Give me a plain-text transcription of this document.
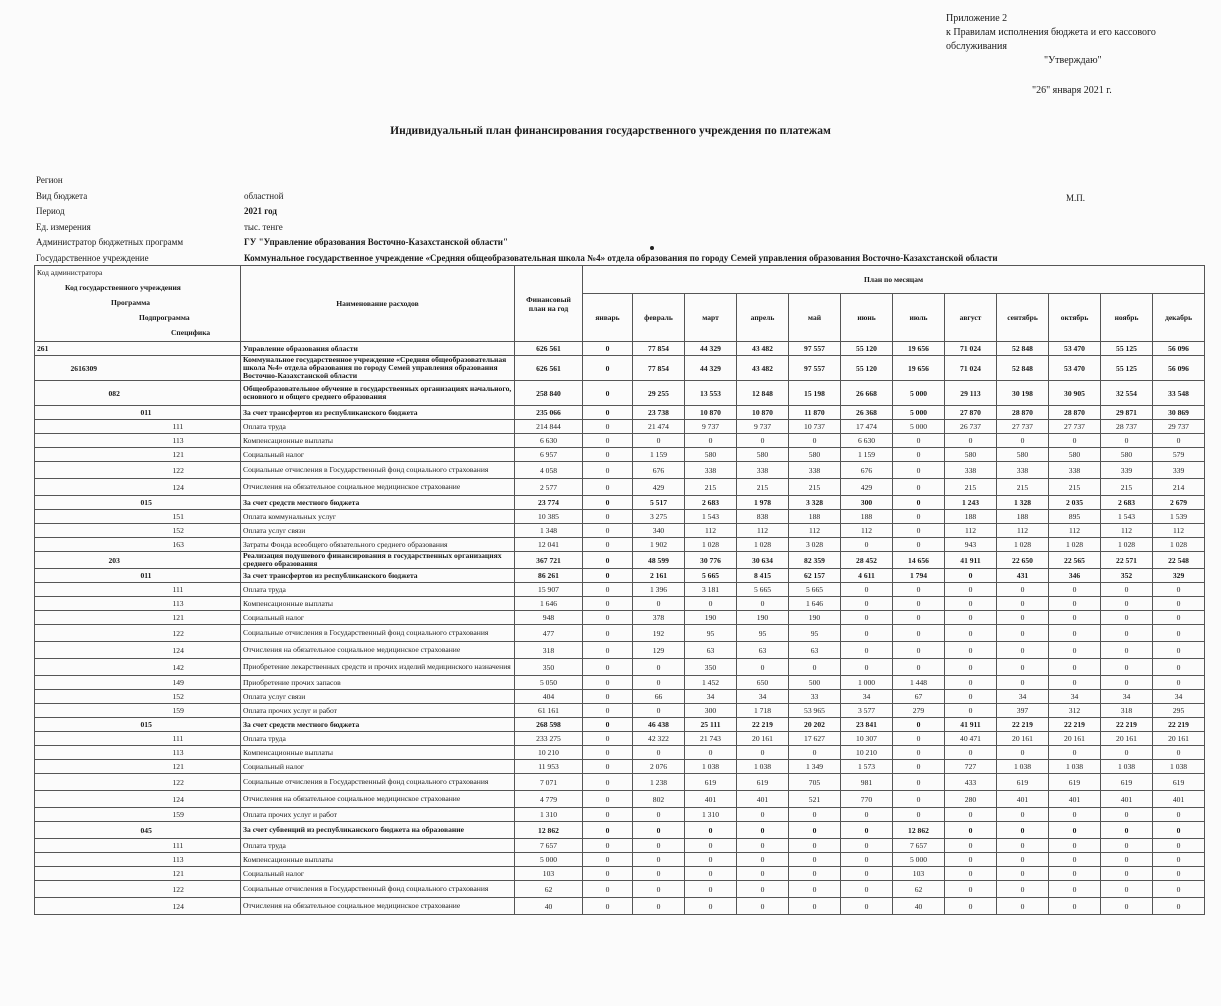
Приложение 2
к Правилам исполнения бюджета и его кассового
обслуживания
"Утверждаю"
"26" января 2021 г.
Индивидуальный план финансирования государственного учреждения по платежам
М.П.
Регион
Вид бюджета	областной
Период	2021 год
Ед. измерения	тыс. тенге
Администратор бюджетных программ	ГУ "Управление образования Восточно-Казахстанской области"
Государственное учреждение	Коммунальное государственное учреждение «Средняя общеобразовательная школа №4» отдела образования по городу Семей управления образования Восточно-Казахстанской области
Код администратора
Код государственного учреждения
Программа
Подпрограмма
Специфика					Наименование расходов	Финансовый план на год	План по месяцам											
							январь	февраль	март	апрель	май	июнь	июль	август	сентябрь	октябрь	ноябрь	декабрь
261					Управление образования области	626 561	0	77 854	44 329	43 482	97 557	55 120	19 656	71 024	52 848	53 470	55 125	56 096
	2616309				Коммунальное государственное учреждение «Средняя общеобразовательная школа №4» отдела образования по городу Семей управления образования Восточно-Казахстанской области	626 561	0	77 854	44 329	43 482	97 557	55 120	19 656	71 024	52 848	53 470	55 125	56 096
		082			Общеобразовательное обучение в государственных организациях начального, основного и общего среднего образования	258 840	0	29 255	13 553	12 848	15 198	26 668	5 000	29 113	30 198	30 905	32 554	33 548
			011		За счет трансфертов из республиканского бюджета	235 066	0	23 738	10 870	10 870	11 870	26 368	5 000	27 870	28 870	28 870	29 871	30 869
				111	Оплата труда	214 844	0	21 474	9 737	9 737	10 737	17 474	5 000	26 737	27 737	27 737	28 737	29 737
				113	Компенсационные выплаты	6 630	0	0	0	0	0	6 630	0	0	0	0	0	0
				121	Социальный налог	6 957	0	1 159	580	580	580	1 159	0	580	580	580	580	579
				122	Социальные отчисления в Государственный фонд социального страхования	4 058	0	676	338	338	338	676	0	338	338	338	339	339
				124	Отчисления на обязательное социальное медицинское страхование	2 577	0	429	215	215	215	429	0	215	215	215	215	214
			015		За счет средств местного бюджета	23 774	0	5 517	2 683	1 978	3 328	300	0	1 243	1 328	2 035	2 683	2 679
				151	Оплата коммунальных услуг	10 385	0	3 275	1 543	838	188	188	0	188	188	895	1 543	1 539
				152	Оплата услуг связи	1 348	0	340	112	112	112	112	0	112	112	112	112	112
				163	Затраты Фонда всеобщего обязательного среднего образования	12 041	0	1 902	1 028	1 028	3 028	0	0	943	1 028	1 028	1 028	1 028
		203			Реализация подушевого финансирования в государственных организациях среднего образования	367 721	0	48 599	30 776	30 634	82 359	28 452	14 656	41 911	22 650	22 565	22 571	22 548
			011		За счет трансфертов из республиканского бюджета	86 261	0	2 161	5 665	8 415	62 157	4 611	1 794	0	431	346	352	329
				111	Оплата труда	15 907	0	1 396	3 181	5 665	5 665	0	0	0	0	0	0	0
				113	Компенсационные выплаты	1 646	0	0	0	0	1 646	0	0	0	0	0	0	0
				121	Социальный налог	948	0	378	190	190	190	0	0	0	0	0	0	0
				122	Социальные отчисления в Государственный фонд социального страхования	477	0	192	95	95	95	0	0	0	0	0	0	0
				124	Отчисления на обязательное социальное медицинское страхование	318	0	129	63	63	63	0	0	0	0	0	0	0
				142	Приобретение лекарственных средств и прочих изделий медицинского назначения	350	0	0	350	0	0	0	0	0	0	0	0	0
				149	Приобретение прочих запасов	5 050	0	0	1 452	650	500	1 000	1 448	0	0	0	0	0
				152	Оплата услуг связи	404	0	66	34	34	33	34	67	0	34	34	34	34
				159	Оплата прочих услуг и работ	61 161	0	0	300	1 718	53 965	3 577	279	0	397	312	318	295
			015		За счет средств местного бюджета	268 598	0	46 438	25 111	22 219	20 202	23 841	0	41 911	22 219	22 219	22 219	22 219
				111	Оплата труда	233 275	0	42 322	21 743	20 161	17 627	10 307	0	40 471	20 161	20 161	20 161	20 161
				113	Компенсационные выплаты	10 210	0	0	0	0	0	10 210	0	0	0	0	0	0
				121	Социальный налог	11 953	0	2 076	1 038	1 038	1 349	1 573	0	727	1 038	1 038	1 038	1 038
				122	Социальные отчисления в Государственный фонд социального страхования	7 071	0	1 238	619	619	705	981	0	433	619	619	619	619
				124	Отчисления на обязательное социальное медицинское страхование	4 779	0	802	401	401	521	770	0	280	401	401	401	401
				159	Оплата прочих услуг и работ	1 310	0	0	1 310	0	0	0	0	0	0	0	0	0
			045		За счет субвенций из республиканского бюджета на образование	12 862	0	0	0	0	0	0	12 862	0	0	0	0	0
				111	Оплата труда	7 657	0	0	0	0	0	0	7 657	0	0	0	0	0
				113	Компенсационные выплаты	5 000	0	0	0	0	0	0	5 000	0	0	0	0	0
				121	Социальный налог	103	0	0	0	0	0	0	103	0	0	0	0	0
				122	Социальные отчисления в Государственный фонд социального страхования	62	0	0	0	0	0	0	62	0	0	0	0	0
				124	Отчисления на обязательное социальное медицинское страхование	40	0	0	0	0	0	0	40	0	0	0	0	0
